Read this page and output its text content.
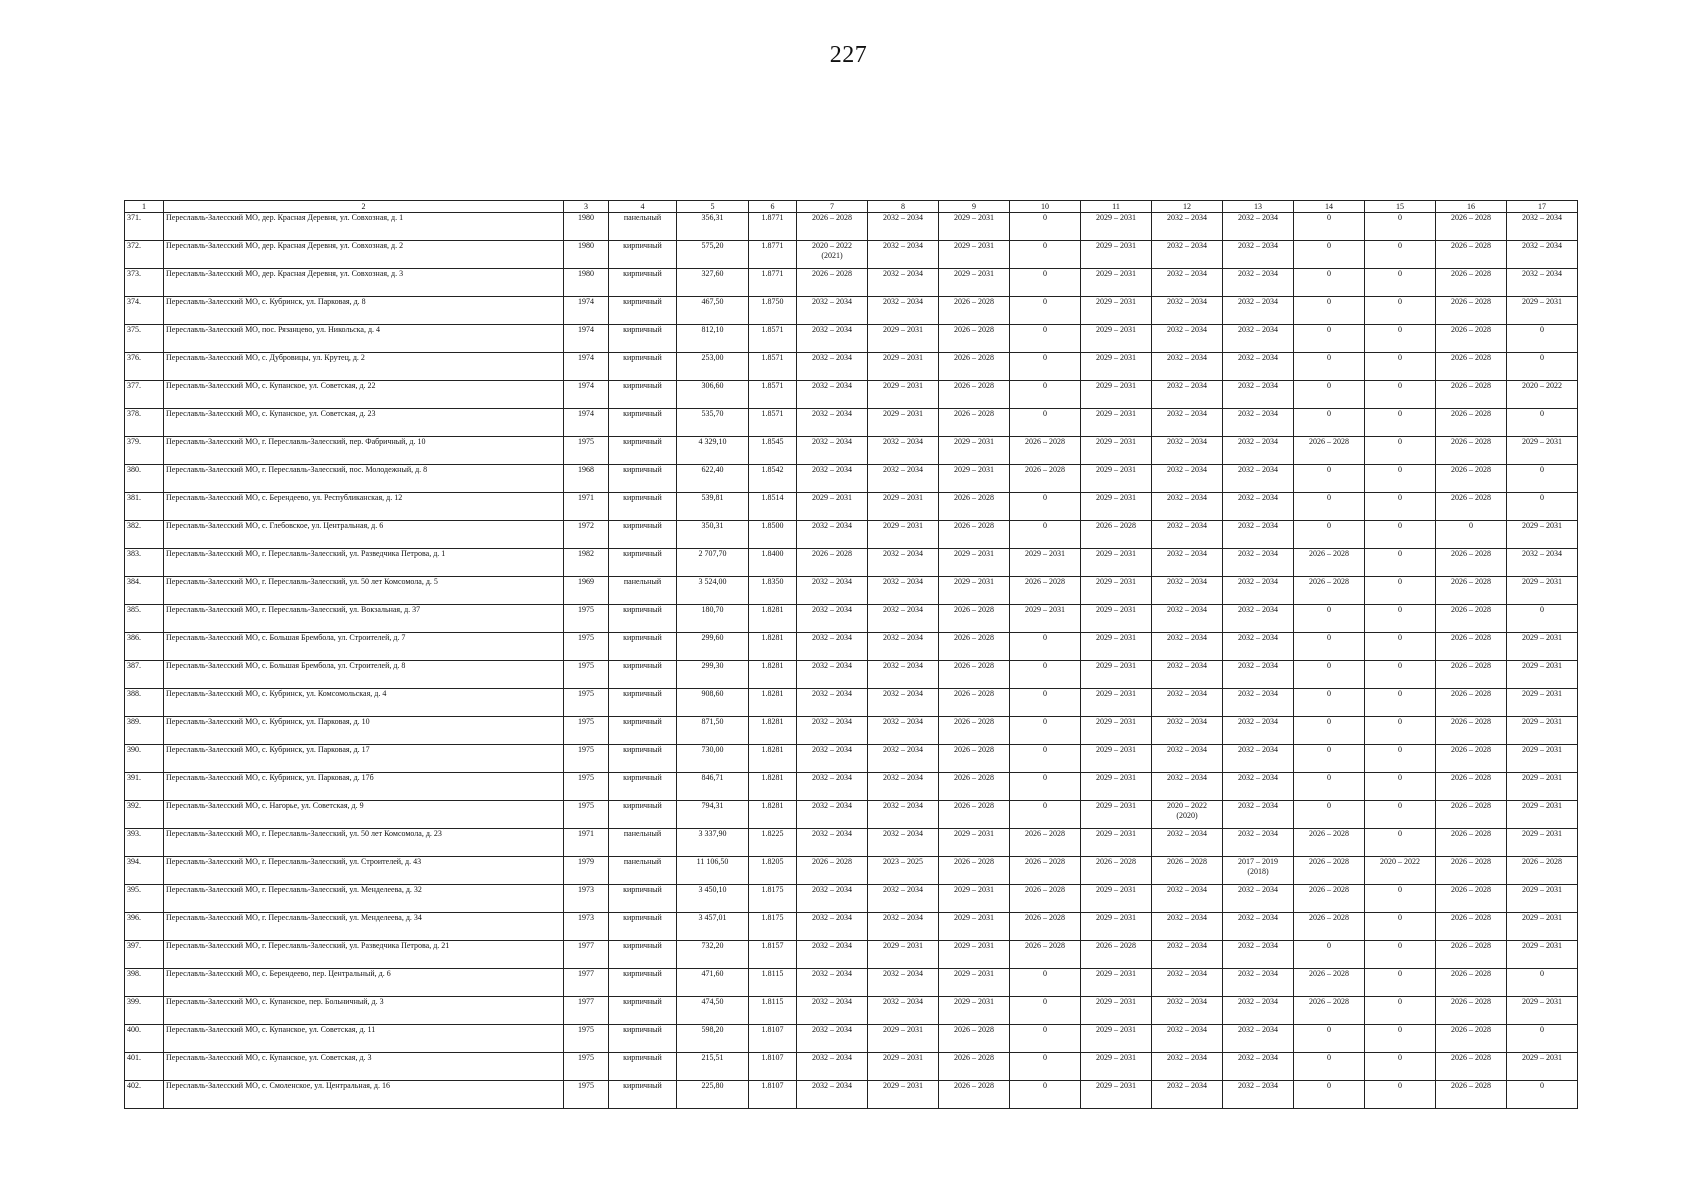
227
1	2	3	4	5	6	7	8	9	10	11	12	13	14	15	16	17
371.	Переславль-Залесский МО, дер. Красная Деревня, ул. Совхозная, д. 1	1980	панельный	356,31	1.8771	2026 – 2028	2032 – 2034	2029 – 2031	0	2029 – 2031	2032 – 2034	2032 – 2034	0	0	2026 – 2028	2032 – 2034
372.	Переславль-Залесский МО, дер. Красная Деревня, ул. Совхозная, д. 2	1980	кирпичный	575,20	1.8771	2020 – 2022
(2021)	2032 – 2034	2029 – 2031	0	2029 – 2031	2032 – 2034	2032 – 2034	0	0	2026 – 2028	2032 – 2034
373.	Переславль-Залесский МО, дер. Красная Деревня, ул. Совхозная, д. 3	1980	кирпичный	327,60	1.8771	2026 – 2028	2032 – 2034	2029 – 2031	0	2029 – 2031	2032 – 2034	2032 – 2034	0	0	2026 – 2028	2032 – 2034
374.	Переславль-Залесский МО, с. Кубринск, ул. Парковая, д. 8	1974	кирпичный	467,50	1.8750	2032 – 2034	2032 – 2034	2026 – 2028	0	2029 – 2031	2032 – 2034	2032 – 2034	0	0	2026 – 2028	2029 – 2031
375.	Переславль-Залесский МО, пос. Рязанцево, ул. Никольска, д. 4	1974	кирпичный	812,10	1.8571	2032 – 2034	2029 – 2031	2026 – 2028	0	2029 – 2031	2032 – 2034	2032 – 2034	0	0	2026 – 2028	0
376.	Переславль-Залесский МО, с. Дубровицы, ул. Крутец, д. 2	1974	кирпичный	253,00	1.8571	2032 – 2034	2029 – 2031	2026 – 2028	0	2029 – 2031	2032 – 2034	2032 – 2034	0	0	2026 – 2028	0
377.	Переславль-Залесский МО, с. Купанское, ул. Советская, д. 22	1974	кирпичный	306,60	1.8571	2032 – 2034	2029 – 2031	2026 – 2028	0	2029 – 2031	2032 – 2034	2032 – 2034	0	0	2026 – 2028	2020 – 2022
378.	Переславль-Залесский МО, с. Купанское, ул. Советская, д. 23	1974	кирпичный	535,70	1.8571	2032 – 2034	2029 – 2031	2026 – 2028	0	2029 – 2031	2032 – 2034	2032 – 2034	0	0	2026 – 2028	0
379.	Переславль-Залесский МО, г. Переславль-Залесский, пер. Фабричный, д. 10	1975	кирпичный	4 329,10	1.8545	2032 – 2034	2032 – 2034	2029 – 2031	2026 – 2028	2029 – 2031	2032 – 2034	2032 – 2034	2026 – 2028	0	2026 – 2028	2029 – 2031
380.	Переславль-Залесский МО, г. Переславль-Залесский, пос. Молодежный, д. 8	1968	кирпичный	622,40	1.8542	2032 – 2034	2032 – 2034	2029 – 2031	2026 – 2028	2029 – 2031	2032 – 2034	2032 – 2034	0	0	2026 – 2028	0
381.	Переславль-Залесский МО, с. Берендеево, ул. Республиканская, д. 12	1971	кирпичный	539,81	1.8514	2029 – 2031	2029 – 2031	2026 – 2028	0	2029 – 2031	2032 – 2034	2032 – 2034	0	0	2026 – 2028	0
382.	Переславль-Залесский МО, с. Глебовское, ул. Центральная, д. 6	1972	кирпичный	350,31	1.8500	2032 – 2034	2029 – 2031	2026 – 2028	0	2026 – 2028	2032 – 2034	2032 – 2034	0	0	0	2029 – 2031
383.	Переславль-Залесский МО, г. Переславль-Залесский, ул. Разведчика Петрова, д. 1	1982	кирпичный	2 707,70	1.8400	2026 – 2028	2032 – 2034	2029 – 2031	2029 – 2031	2029 – 2031	2032 – 2034	2032 – 2034	2026 – 2028	0	2026 – 2028	2032 – 2034
384.	Переславль-Залесский МО, г. Переславль-Залесский, ул. 50 лет Комсомола, д. 5	1969	панельный	3 524,00	1.8350	2032 – 2034	2032 – 2034	2029 – 2031	2026 – 2028	2029 – 2031	2032 – 2034	2032 – 2034	2026 – 2028	0	2026 – 2028	2029 – 2031
385.	Переславль-Залесский МО, г. Переславль-Залесский, ул. Вокзальная, д. 37	1975	кирпичный	180,70	1.8281	2032 – 2034	2032 – 2034	2026 – 2028	2029 – 2031	2029 – 2031	2032 – 2034	2032 – 2034	0	0	2026 – 2028	0
386.	Переславль-Залесский МО, с. Большая Брембола, ул. Строителей, д. 7	1975	кирпичный	299,60	1.8281	2032 – 2034	2032 – 2034	2026 – 2028	0	2029 – 2031	2032 – 2034	2032 – 2034	0	0	2026 – 2028	2029 – 2031
387.	Переславль-Залесский МО, с. Большая Брембола, ул. Строителей, д. 8	1975	кирпичный	299,30	1.8281	2032 – 2034	2032 – 2034	2026 – 2028	0	2029 – 2031	2032 – 2034	2032 – 2034	0	0	2026 – 2028	2029 – 2031
388.	Переславль-Залесский МО, с. Кубринск, ул. Комсомольская, д. 4	1975	кирпичный	908,60	1.8281	2032 – 2034	2032 – 2034	2026 – 2028	0	2029 – 2031	2032 – 2034	2032 – 2034	0	0	2026 – 2028	2029 – 2031
389.	Переславль-Залесский МО, с. Кубринск, ул. Парковая, д. 10	1975	кирпичный	871,50	1.8281	2032 – 2034	2032 – 2034	2026 – 2028	0	2029 – 2031	2032 – 2034	2032 – 2034	0	0	2026 – 2028	2029 – 2031
390.	Переславль-Залесский МО, с. Кубринск, ул. Парковая, д. 17	1975	кирпичный	730,00	1.8281	2032 – 2034	2032 – 2034	2026 – 2028	0	2029 – 2031	2032 – 2034	2032 – 2034	0	0	2026 – 2028	2029 – 2031
391.	Переславль-Залесский МО, с. Кубринск, ул. Парковая, д. 17б	1975	кирпичный	846,71	1.8281	2032 – 2034	2032 – 2034	2026 – 2028	0	2029 – 2031	2032 – 2034	2032 – 2034	0	0	2026 – 2028	2029 – 2031
392.	Переславль-Залесский МО, с. Нагорье, ул. Советская, д. 9	1975	кирпичный	794,31	1.8281	2032 – 2034	2032 – 2034	2026 – 2028	0	2029 – 2031	2020 – 2022
(2020)	2032 – 2034	0	0	2026 – 2028	2029 – 2031
393.	Переславль-Залесский МО, г. Переславль-Залесский, ул. 50 лет Комсомола, д. 23	1971	панельный	3 337,90	1.8225	2032 – 2034	2032 – 2034	2029 – 2031	2026 – 2028	2029 – 2031	2032 – 2034	2032 – 2034	2026 – 2028	0	2026 – 2028	2029 – 2031
394.	Переславль-Залесский МО, г. Переславль-Залесский, ул. Строителей, д. 43	1979	панельный	11 106,50	1.8205	2026 – 2028	2023 – 2025	2026 – 2028	2026 – 2028	2026 – 2028	2026 – 2028	2017 – 2019
(2018)	2026 – 2028	2020 – 2022	2026 – 2028	2026 – 2028
395.	Переславль-Залесский МО, г. Переславль-Залесский, ул. Менделеева, д. 32	1973	кирпичный	3 450,10	1.8175	2032 – 2034	2032 – 2034	2029 – 2031	2026 – 2028	2029 – 2031	2032 – 2034	2032 – 2034	2026 – 2028	0	2026 – 2028	2029 – 2031
396.	Переславль-Залесский МО, г. Переславль-Залесский, ул. Менделеева, д. 34	1973	кирпичный	3 457,01	1.8175	2032 – 2034	2032 – 2034	2029 – 2031	2026 – 2028	2029 – 2031	2032 – 2034	2032 – 2034	2026 – 2028	0	2026 – 2028	2029 – 2031
397.	Переславль-Залесский МО, г. Переславль-Залесский, ул. Разведчика Петрова, д. 21	1977	кирпичный	732,20	1.8157	2032 – 2034	2029 – 2031	2029 – 2031	2026 – 2028	2026 – 2028	2032 – 2034	2032 – 2034	0	0	2026 – 2028	2029 – 2031
398.	Переславль-Залесский МО, с. Берендеево, пер. Центральный, д. 6	1977	кирпичный	471,60	1.8115	2032 – 2034	2032 – 2034	2029 – 2031	0	2029 – 2031	2032 – 2034	2032 – 2034	2026 – 2028	0	2026 – 2028	0
399.	Переславль-Залесский МО, с. Купанское, пер. Больничный, д. 3	1977	кирпичный	474,50	1.8115	2032 – 2034	2032 – 2034	2029 – 2031	0	2029 – 2031	2032 – 2034	2032 – 2034	2026 – 2028	0	2026 – 2028	2029 – 2031
400.	Переславль-Залесский МО, с. Купанское, ул. Советская, д. 11	1975	кирпичный	598,20	1.8107	2032 – 2034	2029 – 2031	2026 – 2028	0	2029 – 2031	2032 – 2034	2032 – 2034	0	0	2026 – 2028	0
401.	Переславль-Залесский МО, с. Купанское, ул. Советская, д. 3	1975	кирпичный	215,51	1.8107	2032 – 2034	2029 – 2031	2026 – 2028	0	2029 – 2031	2032 – 2034	2032 – 2034	0	0	2026 – 2028	2029 – 2031
402.	Переславль-Залесский МО, с. Смоленское, ул. Центральная, д. 16	1975	кирпичный	225,80	1.8107	2032 – 2034	2029 – 2031	2026 – 2028	0	2029 – 2031	2032 – 2034	2032 – 2034	0	0	2026 – 2028	0
